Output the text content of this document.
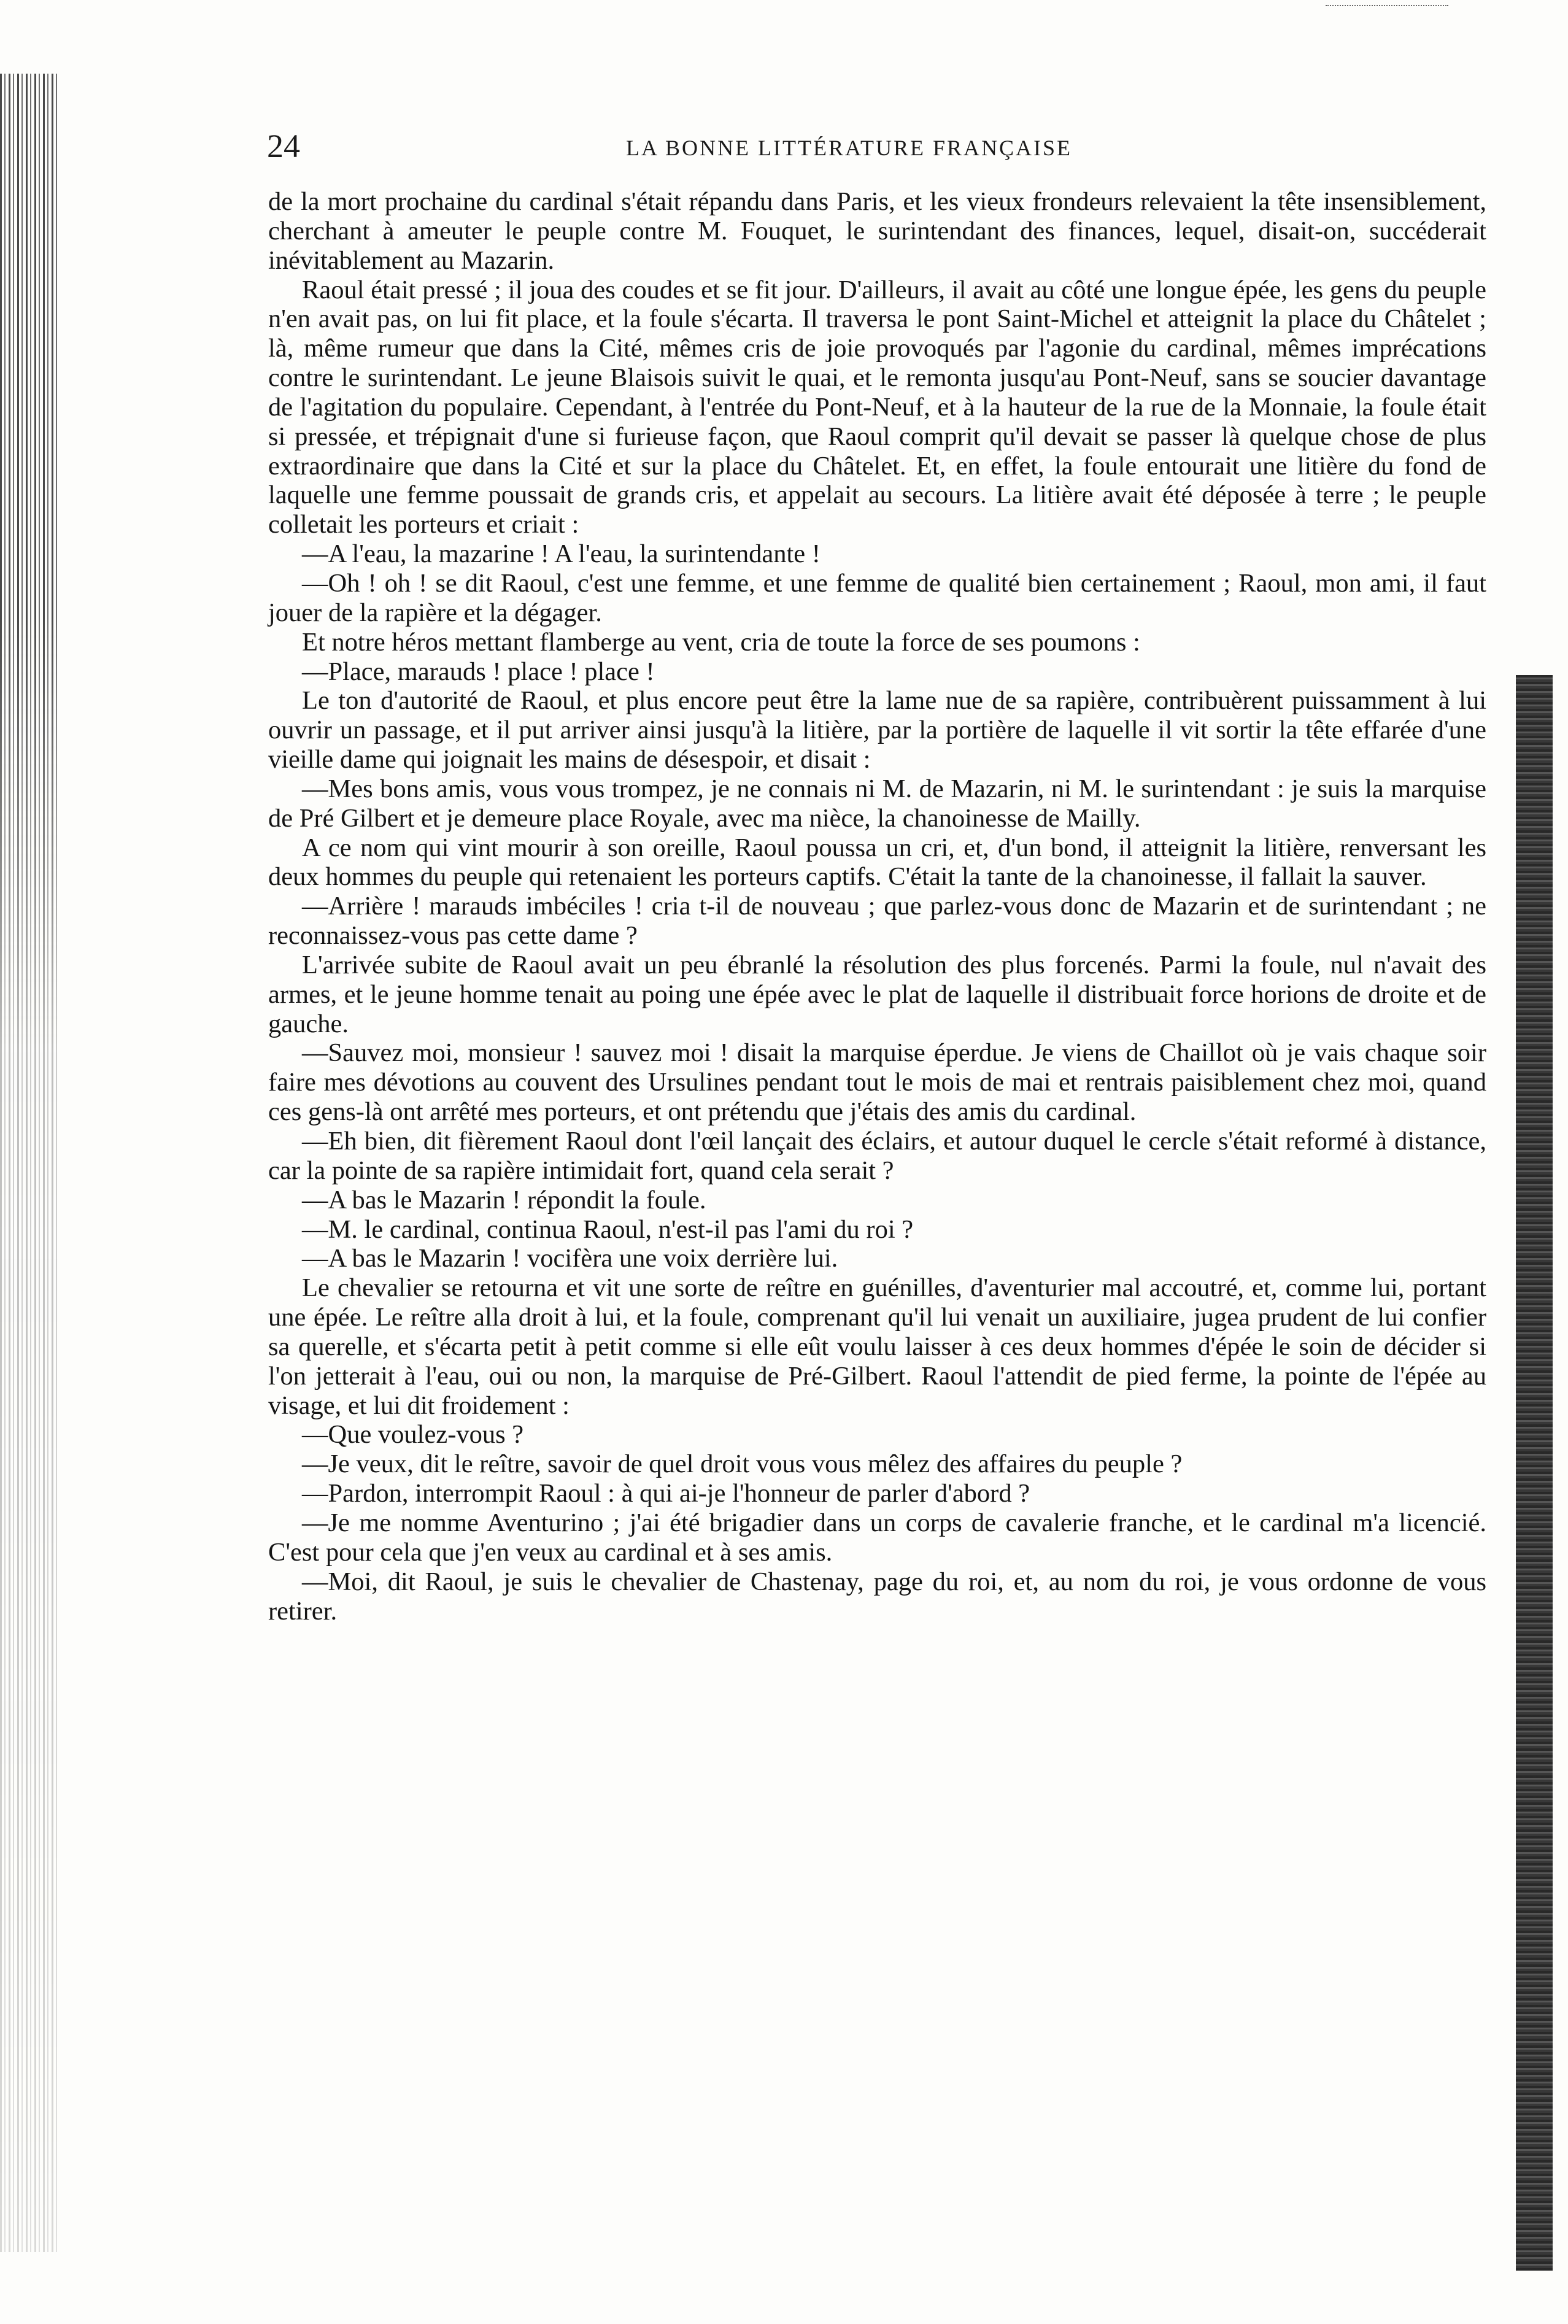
24	LA BONNE LITTÉRATURE FRANÇAISE

de la mort prochaine du cardinal s'était répandu dans Paris, et les vieux frondeurs relevaient la tête insensiblement, cherchant à ameuter le peuple contre M. Fouquet, le surintendant des finances, lequel, disait-on, succéderait inévitablement au Mazarin.

Raoul était pressé ; il joua des coudes et se fit jour. D'ailleurs, il avait au côté une longue épée, les gens du peuple n'en avait pas, on lui fit place, et la foule s'écarta. Il traversa le pont Saint-Michel et atteignit la place du Châtelet ; là, même rumeur que dans la Cité, mêmes cris de joie provoqués par l'agonie du cardinal, mêmes imprécations contre le surintendant. Le jeune Blaisois suivit le quai, et le remonta jusqu'au Pont-Neuf, sans se soucier davantage de l'agitation du populaire. Cependant, à l'entrée du Pont-Neuf, et à la hauteur de la rue de la Monnaie, la foule était si pressée, et trépignait d'une si furieuse façon, que Raoul comprit qu'il devait se passer là quelque chose de plus extraordinaire que dans la Cité et sur la place du Châtelet. Et, en effet, la foule entourait une litière du fond de laquelle une femme poussait de grands cris, et appelait au secours. La litière avait été déposée à terre ; le peuple colletait les porteurs et criait :

—A l'eau, la mazarine ! A l'eau, la surintendante !

—Oh ! oh ! se dit Raoul, c'est une femme, et une femme de qualité bien certainement ; Raoul, mon ami, il faut jouer de la rapière et la dégager.

Et notre héros mettant flamberge au vent, cria de toute la force de ses poumons :

—Place, marauds ! place ! place !

Le ton d'autorité de Raoul, et plus encore peut être la lame nue de sa rapière, contribuèrent puissamment à lui ouvrir un passage, et il put arriver ainsi jusqu'à la litière, par la portière de laquelle il vit sortir la tête effarée d'une vieille dame qui joignait les mains de désespoir, et disait :

—Mes bons amis, vous vous trompez, je ne connais ni M. de Mazarin, ni M. le surintendant : je suis la marquise de Pré Gilbert et je demeure place Royale, avec ma nièce, la chanoinesse de Mailly.

A ce nom qui vint mourir à son oreille, Raoul poussa un cri, et, d'un bond, il atteignit la litière, renversant les deux hommes du peuple qui retenaient les porteurs captifs. C'était la tante de la chanoinesse, il fallait la sauver.

—Arrière ! marauds imbéciles ! cria t-il de nouveau ; que parlez-vous donc de Mazarin et de surintendant ; ne reconnaissez-vous pas cette dame ?

L'arrivée subite de Raoul avait un peu ébranlé la résolution des plus forcenés. Parmi la foule, nul n'avait des armes, et le jeune homme tenait au poing une épée avec le plat de laquelle il distribuait force horions de droite et de gauche.

—Sauvez moi, monsieur ! sauvez moi ! disait la marquise éperdue. Je viens de Chaillot où je vais chaque soir faire mes dévotions au couvent des Ursulines pendant tout le mois de mai et rentrais paisiblement chez moi, quand ces gens-là ont arrêté mes porteurs, et ont prétendu que j'étais des amis du cardinal.

—Eh bien, dit fièrement Raoul dont l'œil lançait des éclairs, et autour duquel le cercle s'était reformé à distance, car la pointe de sa rapière intimidait fort, quand cela serait ?

—A bas le Mazarin ! répondit la foule.

—M. le cardinal, continua Raoul, n'est-il pas l'ami du roi ?

—A bas le Mazarin ! vocifèra une voix derrière lui.

Le chevalier se retourna et vit une sorte de reître en guénilles, d'aventurier mal accoutré, et, comme lui, portant une épée. Le reître alla droit à lui, et la foule, comprenant qu'il lui venait un auxiliaire, jugea prudent de lui confier sa querelle, et s'écarta petit à petit comme si elle eût voulu laisser à ces deux hommes d'épée le soin de décider si l'on jetterait à l'eau, oui ou non, la marquise de Pré-Gilbert. Raoul l'attendit de pied ferme, la pointe de l'épée au visage, et lui dit froidement :

—Que voulez-vous ?

—Je veux, dit le reître, savoir de quel droit vous vous mêlez des affaires du peuple ?

—Pardon, interrompit Raoul : à qui ai-je l'honneur de parler d'abord ?

—Je me nomme Aventurino ; j'ai été brigadier dans un corps de cavalerie franche, et le cardinal m'a licencié. C'est pour cela que j'en veux au cardinal et à ses amis.

—Moi, dit Raoul, je suis le chevalier de Chastenay, page du roi, et, au nom du roi, je vous ordonne de vous retirer.
